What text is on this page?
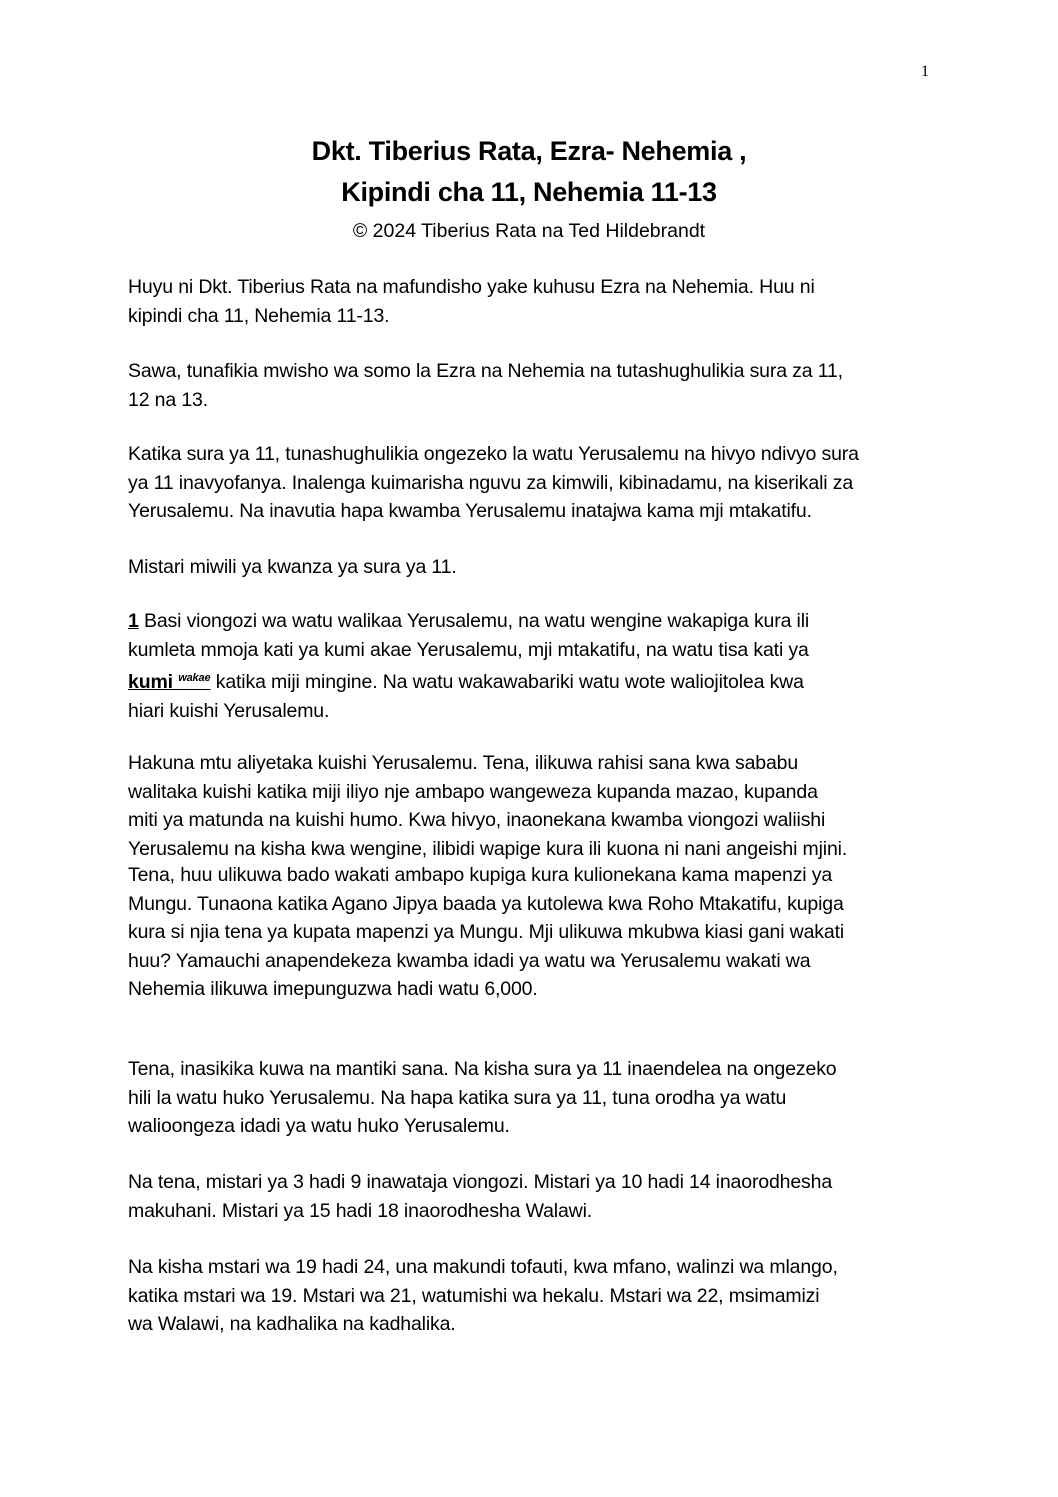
1
Dkt. Tiberius Rata, Ezra- Nehemia ,
Kipindi cha 11, Nehemia 11-13
© 2024 Tiberius Rata na Ted Hildebrandt
Huyu ni Dkt. Tiberius Rata na mafundisho yake kuhusu Ezra na Nehemia. Huu ni
kipindi cha 11, Nehemia 11-13.
Sawa, tunafikia mwisho wa somo la Ezra na Nehemia na tutashughulikia sura za 11,
12 na 13.
Katika sura ya 11, tunashughulikia ongezeko la watu Yerusalemu na hivyo ndivyo sura
ya 11 inavyofanya. Inalenga kuimarisha nguvu za kimwili, kibinadamu, na kiserikali za
Yerusalemu. Na inavutia hapa kwamba Yerusalemu inatajwa kama mji mtakatifu.
Mistari miwili ya kwanza ya sura ya 11.
1 Basi viongozi wa watu walikaa Yerusalemu, na watu wengine wakapiga kura ili
kumleta mmoja kati ya kumi akae Yerusalemu, mji mtakatifu, na watu tisa kati ya
kumi $^{wakae}$ katika miji mingine. Na watu wakawabariki watu wote waliojitolea kwa
hiari kuishi Yerusalemu.
Hakuna mtu aliyetaka kuishi Yerusalemu. Tena, ilikuwa rahisi sana kwa sababu
walitaka kuishi katika miji iliyo nje ambapo wangeweza kupanda mazao, kupanda
miti ya matunda na kuishi humo. Kwa hivyo, inaonekana kwamba viongozi waliishi
Yerusalemu na kisha kwa wengine, ilibidi wapige kura ili kuona ni nani angeishi mjini.
Tena, huu ulikuwa bado wakati ambapo kupiga kura kulionekana kama mapenzi ya
Mungu. Tunaona katika Agano Jipya baada ya kutolewa kwa Roho Mtakatifu, kupiga
kura si njia tena ya kupata mapenzi ya Mungu. Mji ulikuwa mkubwa kiasi gani wakati
huu? Yamauchi anapendekeza kwamba idadi ya watu wa Yerusalemu wakati wa
Nehemia ilikuwa imepunguzwa hadi watu 6,000.
Tena, inasikika kuwa na mantiki sana. Na kisha sura ya 11 inaendelea na ongezeko
hili la watu huko Yerusalemu. Na hapa katika sura ya 11, tuna orodha ya watu
walioongeza idadi ya watu huko Yerusalemu.
Na tena, mistari ya 3 hadi 9 inawataja viongozi. Mistari ya 10 hadi 14 inaorodhesha
makuhani. Mistari ya 15 hadi 18 inaorodhesha Walawi.
Na kisha mstari wa 19 hadi 24, una makundi tofauti, kwa mfano, walinzi wa mlango,
katika mstari wa 19. Mstari wa 21, watumishi wa hekalu. Mstari wa 22, msimamizi
wa Walawi, na kadhalika na kadhalika.
